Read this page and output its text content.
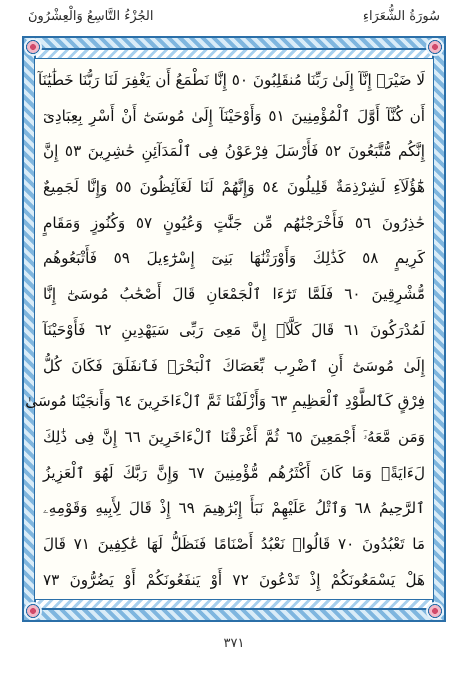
سُورَةُ الشُّعَرَاءِ
الجُزْءُ التَّاسِعُ وَالْعِشْرُونَ
لَا ضَيْرَۖ إِنَّآ إِلَىٰ رَبِّنَا مُنقَلِبُونَ ٥٠ إِنَّا نَطْمَعُ أَن يَغْفِرَ لَنَا رَبُّنَا خَطَٰيَٰنَآ
أَن كُنَّآ أَوَّلَ ٱلْمُؤْمِنِينَ ٥١ وَأَوْحَيْنَآ إِلَىٰ مُوسَىٰٓ أَنْ أَسْرِ بِعِبَادِىٓ
إِنَّكُم مُّتَّبَعُونَ ٥٢ فَأَرْسَلَ فِرْعَوْنُ فِى ٱلْمَدَآئِنِ حَٰشِرِينَ ٥٣ إِنَّ
هَٰٓؤُلَآءِ لَشِرْذِمَةٌ قَلِيلُونَ ٥٤ وَإِنَّهُمْ لَنَا لَغَآئِظُونَ ٥٥ وَإِنَّا لَجَمِيعٌ
حَٰذِرُونَ ٥٦ فَأَخْرَجْنَٰهُم مِّن جَنَّٰتٍ وَعُيُونٍ ٥٧ وَكُنُوزٍ وَمَقَامٍ
كَرِيمٍ ٥٨ كَذَٰلِكَ وَأَوْرَثْنَٰهَا بَنِىٓ إِسْرَٰٓءِيلَ ٥٩ فَأَتْبَعُوهُم
مُّشْرِقِينَ ٦٠ فَلَمَّا تَرَٰٓءَا ٱلْجَمْعَانِ قَالَ أَصْحَٰبُ مُوسَىٰٓ إِنَّا
لَمُدْرَكُونَ ٦١ قَالَ كَلَّآۖ إِنَّ مَعِىَ رَبِّى سَيَهْدِينِ ٦٢ فَأَوْحَيْنَآ
إِلَىٰ مُوسَىٰٓ أَنِ ٱضْرِب بِّعَصَاكَ ٱلْبَحْرَۖ فَٱنفَلَقَ فَكَانَ كُلُّ
فِرْقٍ كَٱلطَّوْدِ ٱلْعَظِيمِ ٦٣ وَأَزْلَفْنَا ثَمَّ ٱلْءَاخَرِينَ ٦٤ وَأَنجَيْنَا مُوسَىٰ
وَمَن مَّعَهُۥٓ أَجْمَعِينَ ٦٥ ثُمَّ أَغْرَقْنَا ٱلْءَاخَرِينَ ٦٦ إِنَّ فِى ذَٰلِكَ
لَءَايَةًۖ وَمَا كَانَ أَكْثَرُهُم مُّؤْمِنِينَ ٦٧ وَإِنَّ رَبَّكَ لَهُوَ ٱلْعَزِيزُ
ٱلرَّحِيمُ ٦٨ وَٱتْلُ عَلَيْهِمْ نَبَأَ إِبْرَٰهِيمَ ٦٩ إِذْ قَالَ لِأَبِيهِ وَقَوْمِهِۦ
مَا تَعْبُدُونَ ٧٠ قَالُوا۟ نَعْبُدُ أَصْنَامًا فَنَظَلُّ لَهَا عَٰكِفِينَ ٧١ قَالَ
هَلْ يَسْمَعُونَكُمْ إِذْ تَدْعُونَ ٧٢ أَوْ يَنفَعُونَكُمْ أَوْ يَضُرُّونَ ٧٣
٣٧١
